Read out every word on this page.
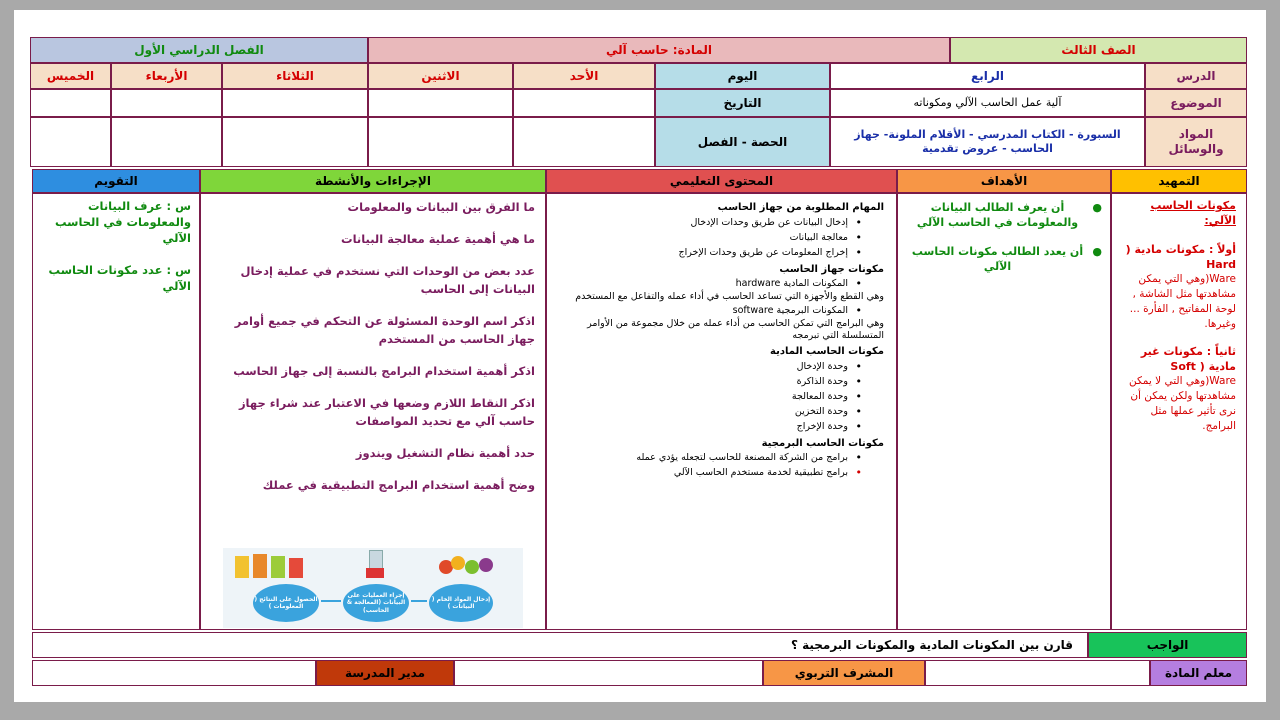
الصف الثالث
المادة: حاسب آلي
الفصل الدراسي الأول
الدرس
الرابع
اليوم
الأحد
الاثنين
الثلاثاء
الأربعاء
الخميس
الموضوع
آلية عمل الحاسب الآلي ومكوناته
التاريخ
المواد والوسائل
السبورة - الكتاب المدرسي - الأقلام الملونة- جهاز الحاسب - عروض تقدمية
الحصة - الفصل
التمهيد
الأهداف
المحتوى التعليمي
الإجراءات والأنشطة
التقويم
مكونات الحاسب الآلي:
أولاً : مكونات مادية ( Hard
Ware(وهي التي يمكن مشاهدتها مثل الشاشة , لوحة المفاتيح , الفأرة ... وغيرها.
ثانياً : مكونات غير مادية ( Soft
Ware(وهي التي لا يمكن مشاهدتها ولكن يمكن أن نرى تأثير عملها مثل البرامج.
●
أن يعرف الطالب البيانات والمعلومات في الحاسب الآلي
●
أن يعدد الطالب مكونات الحاسب الآلي
المهام المطلوبة من جهاز الحاسب
• إدخال البيانات عن طريق وحدات الإدخال
• معالجة البيانات
• إخراج المعلومات عن طريق وحدات الإخراج
مكونات جهاز الحاسب
• المكونات المادية hardware
وهي القطع والأجهزة التي تساعد الحاسب في أداء عمله والتفاعل مع المستخدم
• المكونات البرمجية software
وهي البرامج التي تمكن الحاسب من أداء عمله من خلال مجموعة من الأوامر المتسلسلة التي تبرمجه
مكونات الحاسب المادية
• وحدة الإدخال
• وحدة الذاكرة
• وحدة المعالجة
• وحدة التخزين
• وحدة الإخراج
مكونات الحاسب البرمجية
• برامج من الشركة المصنعة للحاسب لتجعله يؤدي عمله
• برامج تطبيقية لخدمة مستخدم الحاسب الآلي

ما الفرق بين البيانات والمعلومات

ما هي أهمية عملية معالجة البيانات

عدد بعض من الوحدات التي نستخدم في عملية إدخال البيانات إلى الحاسب

اذكر اسم الوحدة المسئولة عن التحكم في جميع أوامر جهاز الحاسب من المستخدم

اذكر أهمية استخدام البرامج بالنسبة إلى جهاز الحاسب

اذكر النقاط اللازم وضعها في الاعتبار عند شراء جهاز حاسب آلي مع تحديد المواصفات

حدد أهمية نظام التشغيل ويندوز

وضح أهمية استخدام البرامج التطبيقية في عملك

إدخال المواد الخام ( البيانات )
إجراء العمليات على البيانات (المعالجة & الحاسب)
الحصول على النتائج ( المعلومات )
س : عرف البيانات والمعلومات في الحاسب الآلي
س : عدد مكونات الحاسب الآلي
الواجب
قارن بين المكونات المادية والمكونات البرمجية ؟
معلم المادة
المشرف التربوي
مدير المدرسة
